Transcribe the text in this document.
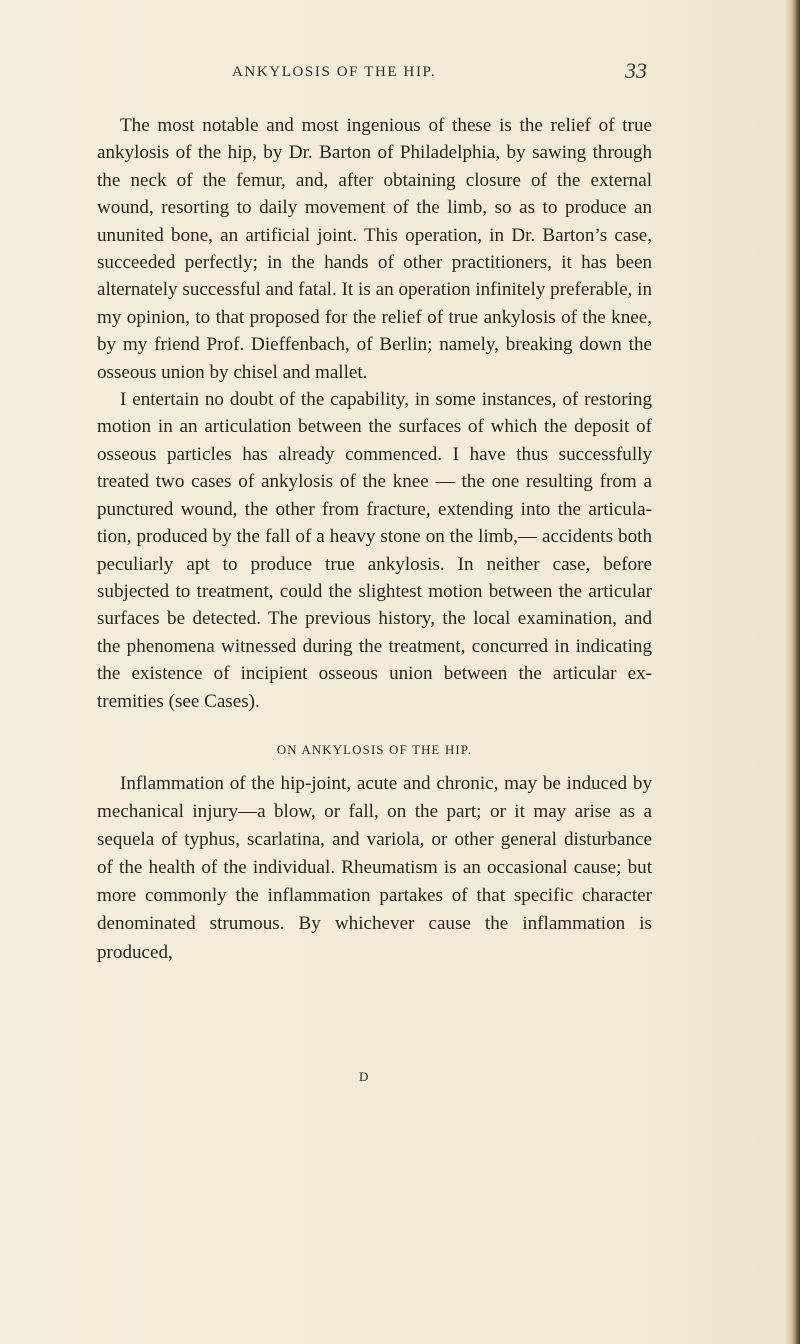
ANKYLOSIS OF THE HIP.	33

The most notable and most ingenious of these is the relief of true ankylosis of the hip, by Dr. Barton of Philadelphia, by sawing through the neck of the femur, and, after obtaining closure of the external wound, resorting to daily movement of the limb, so as to produce an ununited bone, an artificial joint. This operation, in Dr. Barton’s case, succeeded perfectly; in the hands of other practitioners, it has been alternately successful and fatal. It is an operation infinitely preferable, in my opinion, to that proposed for the relief of true ankylosis of the knee, by my friend Prof. Dieffenbach, of Berlin; namely, breaking down the osseous union by chisel and mallet.

I entertain no doubt of the capability, in some instances, of restoring motion in an articulation between the surfaces of which the deposit of osseous particles has already commenced. I have thus successfully treated two cases of ankylosis of the knee — the one resulting from a punctured wound, the other from fracture, extending into the articulation, produced by the fall of a heavy stone on the limb,— accidents both peculiarly apt to produce true ankylosis. In neither case, before subjected to treatment, could the slightest motion between the articular surfaces be detected. The previous history, the local examination, and the phenomena witnessed during the treatment, concurred in indicating the existence of incipient osseous union between the articular extremities (see Cases).

ON ANKYLOSIS OF THE HIP.

Inflammation of the hip-joint, acute and chronic, may be induced by mechanical injury—a blow, or fall, on the part; or it may arise as a sequela of typhus, scarlatina, and variola, or other general disturbance of the health of the individual. Rheumatism is an occasional cause; but more commonly the inflammation partakes of that specific character denominated strumous. By whichever cause the inflammation is produced,

D
